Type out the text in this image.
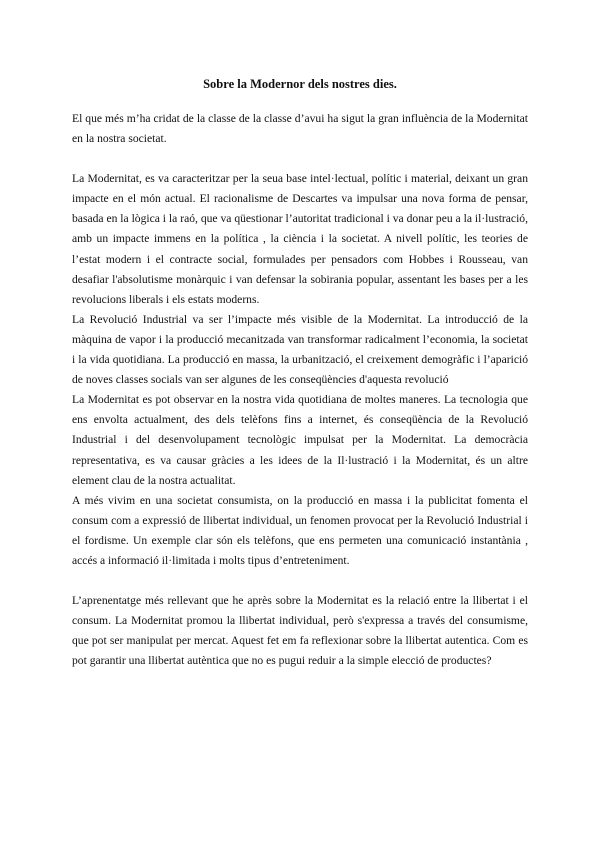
Sobre la Modernor dels nostres dies.

El que més m’ha cridat de la classe de la classe d’avui ha sigut la gran influència de la Modernitat en la nostra societat.

La Modernitat, es va caracteritzar per la seua base intel·lectual, polític i material, deixant un gran impacte en el món actual. El racionalisme de Descartes va impulsar una nova forma de pensar, basada en la lògica i la raó, que va qüestionar l’autoritat tradicional i va donar peu a la il·lustració, amb un impacte immens en la política , la ciència i la societat. A nivell polític, les teories de l’estat modern i el contracte social, formulades per pensadors com Hobbes i Rousseau, van desafiar l'absolutisme monàrquic i van defensar la sobirania popular, assentant les bases per a les revolucions liberals i els estats moderns.

La Revolució Industrial va ser l’impacte més visible de la Modernitat. La introducció de la màquina de vapor i la producció mecanitzada van transformar radicalment l’economia, la societat i la vida quotidiana. La producció en massa, la urbanització, el creixement demogràfic i l’aparició de noves classes socials van ser algunes de les conseqüències d'aquesta revolució

La Modernitat es pot observar en la nostra vida quotidiana de moltes maneres. La tecnologia que ens envolta actualment, des dels telèfons fins a internet, és conseqüència de la Revolució Industrial i del desenvolupament tecnològic impulsat per la Modernitat. La democràcia representativa, es va causar gràcies a les idees de la Il·lustració i la Modernitat, és un altre element clau de la nostra actualitat.

A més vivim en una societat consumista, on la producció en massa i la publicitat fomenta el consum com a expressió de llibertat individual, un fenomen provocat per la Revolució Industrial i el fordisme. Un exemple clar són els telèfons, que ens permeten una comunicació instantània , accés a informació il·limitada i molts tipus d’entreteniment.

L’aprenentatge més rellevant que he après sobre la Modernitat es la relació entre la llibertat i el consum. La Modernitat promou la llibertat individual, però s'expressa a través del consumisme, que pot ser manipulat per mercat. Aquest fet em fa reflexionar sobre la llibertat autentica. Com es pot garantir una llibertat autèntica que no es pugui reduir a la simple elecció de productes?
